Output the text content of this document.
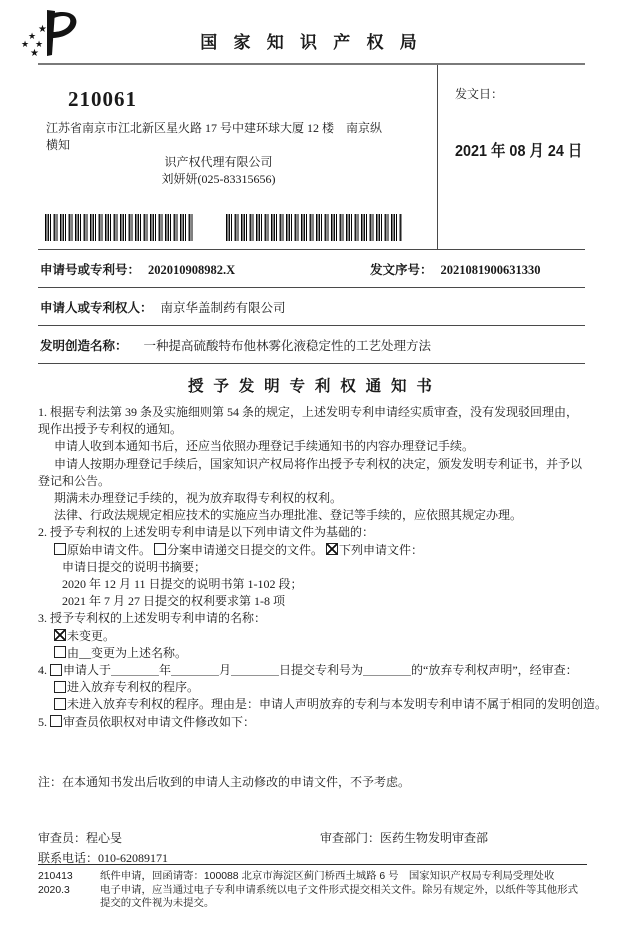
★
★
★ ★
★
国 家 知 识 产 权 局
210061
江苏省南京市江北新区星火路 17 号中建环球大厦 12 楼　南京纵横知
识产权代理有限公司
刘妍妍(025-83315656)
发文日：
2021 年 08 月 24 日
申请号或专利号： 202010908982.X	发文序号： 2021081900631330
申请人或专利权人： 南京华盖制药有限公司
发明创造名称： 一种提高硫酸特布他林雾化液稳定性的工艺处理方法
授 予 发 明 专 利 权 通 知 书
1. 根据专利法第 39 条及实施细则第 54 条的规定，上述发明专利申请经实质审查，没有发现驳回理由，现作出授予专利权的通知。
申请人收到本通知书后，还应当依照办理登记手续通知书的内容办理登记手续。
申请人按期办理登记手续后，国家知识产权局将作出授予专利权的决定，颁发发明专利证书，并予以登记和公告。
期满未办理登记手续的，视为放弃取得专利权的权利。
法律、行政法规规定相应技术的实施应当办理批准、登记等手续的，应依照其规定办理。
2. 授予专利权的上述发明专利申请是以下列申请文件为基础的：
原始申请文件。 分案申请递交日提交的文件。 下列申请文件：
申请日提交的说明书摘要；
2020 年 12 月 11 日提交的说明书第 1-102 段；
2021 年 7 月 27 日提交的权利要求第 1-8 项
3. 授予专利权的上述发明专利申请的名称：
未变更。
由__变更为上述名称。
4. 申请人于＿＿＿＿年＿＿＿＿月＿＿＿＿日提交专利号为＿＿＿＿的“放弃专利权声明”，经审查：
进入放弃专利权的程序。
未进入放弃专利权的程序。理由是：申请人声明放弃的专利与本发明专利申请不属于相同的发明创造。
5. 审查员依职权对申请文件修改如下：
注：在本通知书发出后收到的申请人主动修改的申请文件，不予考虑。
审查员：程心旻	审查部门：医药生物发明审查部
联系电话：010-62089171
210413
2020.3
纸件申请，回函请寄：100088 北京市海淀区蓟门桥西土城路 6 号　国家知识产权局专利局受理处收
电子申请，应当通过电子专利申请系统以电子文件形式提交相关文件。除另有规定外，以纸件等其他形式提交的文件视为未提交。
